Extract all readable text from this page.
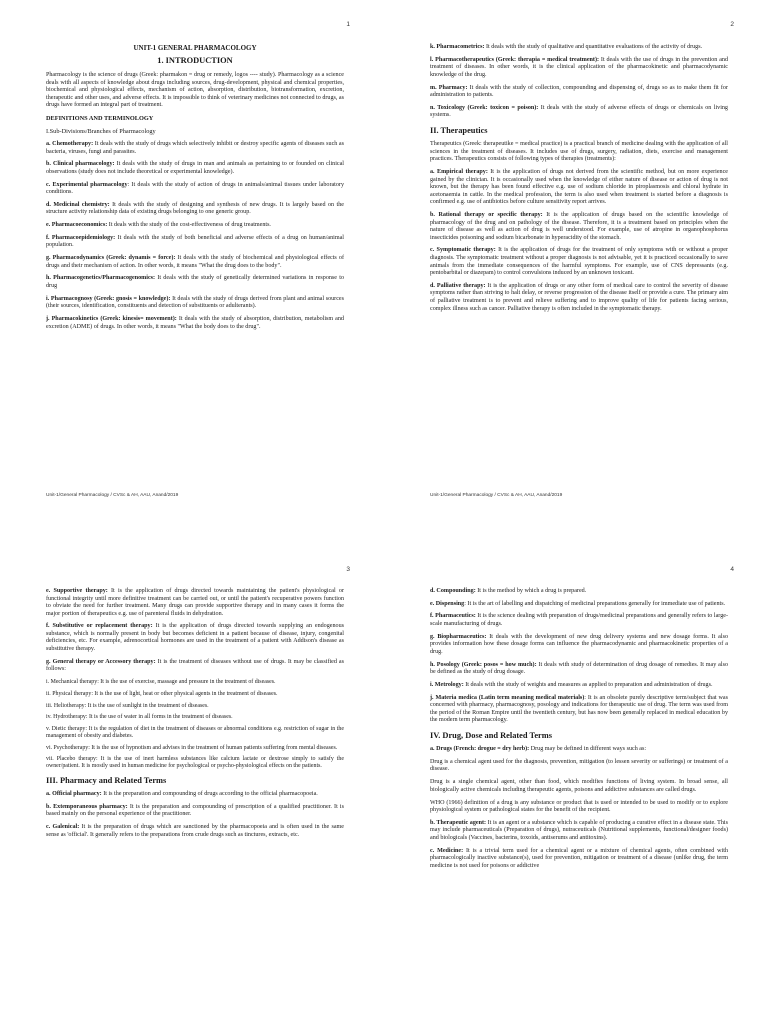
1
UNIT-1 GENERAL PHARMACOLOGY
1. INTRODUCTION

Pharmacology is the science of drugs (Greek: pharmakon = drug or remedy, logos ---- study). Pharmacology as a science deals with all aspects of knowledge about drugs including sources, drug-development, physical and chemical properties, biochemical and physiological effects, mechanism of action, absorption, distribution, biotransformation, excretion, therapeutic and other uses, and adverse effects. It is impossible to think of veterinary medicines not connected to drugs, as drugs have formed an integral part of treatment.

DEFINITIONS AND TERMINOLOGY

I.Sub-Divisions/Branches of Pharmacology

a. Chemotherapy: It deals with the study of drugs which selectively inhibit or destroy specific agents of diseases such as bacteria, viruses, fungi and parasites.

b. Clinical pharmacology: It deals with the study of drugs in man and animals as pertaining to or founded on clinical observations (study does not include theoretical or experimental knowledge).

c. Experimental pharmacology: It deals with the study of action of drugs in animals/animal tissues under laboratory conditions.

d. Medicinal chemistry: It deals with the study of designing and synthesis of new drugs. It is largely based on the structure activity relationship data of existing drugs belonging to one generic group.

e. Pharmacoeconomics: It deals with the study of the cost-effectiveness of drug treatments.

f. Pharmacoepidemiology: It deals with the study of both beneficial and adverse effects of a drug on human/animal population.

g. Pharmacodynamics (Greek: dynamis = force): It deals with the study of biochemical and physiological effects of drugs and their mechanism of action. In other words, it means "What the drug does to the body".

h. Pharmacogenetics/Pharmacogenomics: It deals with the study of genetically determined variations in response to drug

i. Pharmacognosy (Greek: gnosis = knowledge): It deals with the study of drugs derived from plant and animal sources (their sources, identification, constituents and detection of substituents or adulterants).

j. Pharmacokinetics (Greek: kinesis= movement): It deals with the study of absorption, distribution, metabolism and excretion (ADME) of drugs. In other words, it means "What the body does to the drug".

Unit-1/General Pharmacology / CVSc & AH, AAU, Anand/2019
2

k. Pharmacometrics: It deals with the study of qualitative and quantitative evaluations of the activity of drugs.

l. Pharmacotherapeutics (Greek: therapia = medical treatment): It deals with the use of drugs in the prevention and treatment of diseases. In other words, it is the clinical application of the pharmacokinetic and pharmacodynamic knowledge of the drug.

m. Pharmacy: It deals with the study of collection, compounding and dispensing of, drugs so as to make them fit for administration to patients.

n. Toxicology (Greek: toxicon = poison): It deals with the study of adverse effects of drugs or chemicals on living systems.

II. Therapeutics

Therapeutics (Greek: therapeutike = medical practice) is a practical branch of medicine dealing with the application of all sciences in the treatment of diseases. It includes use of drugs, surgery, radiation, diets, exercise and management practices. Therapeutics consists of following types of therapies (treatments):

a. Empirical therapy: It is the application of drugs not derived from the scientific method, but on more experience gained by the clinician. It is occasionally used when the knowledge of either nature of disease or action of drug is not known, but the therapy has been found effective e.g. use of sodium chloride in piroplasmosis and chloral hydrate in acetonaemia in cattle. In the medical profession, the term is also used when treatment is started before a diagnosis is confirmed e.g. use of antibiotics before culture sensitivity report arrives.

b. Rational therapy or specific therapy: It is the application of drugs based on the scientific knowledge of pharmacology of the drug and on pathology of the disease. Therefore, it is a treatment based on principles when the nature of disease as well as action of drug is well understood. For example, use of atropine in organophosphorus insecticides poisoning and sodium bicarbonate in hyperacidity of the stomach.

c. Symptomatic therapy: It is the application of drugs for the treatment of only symptoms with or without a proper diagnosis. The symptomatic treatment without a proper diagnosis is not advisable, yet it is practiced occasionally to save animals from the immediate consequences of the harmful symptoms. For example, use of CNS depressants (e.g. pentobarbital or diazepam) to control convulsions induced by an unknown toxicant.

d. Palliative therapy: It is the application of drugs or any other form of medical care to control the severity of disease symptoms rather than striving to halt delay, or reverse progression of the disease itself or provide a cure. The primary aim of palliative treatment is to prevent and relieve suffering and to improve quality of life for patients facing serious, complex illness such as cancer. Palliative therapy is often included in the symptomatic therapy.

Unit-1/General Pharmacology / CVSc & AH, AAU, Anand/2019
3

e. Supportive therapy: It is the application of drugs directed towards maintaining the patient's physiological or functional integrity until more definitive treatment can be carried out, or until the patient's recuperative powers function to obviate the need for further treatment. Many drugs can provide supportive therapy and in many cases it forms the major portion of therapeutics e.g. use of parenteral fluids in dehydration.

f. Substitutive or replacement therapy: It is the application of drugs directed towards supplying an endogenous substance, which is normally present in body but becomes deficient in a patient because of disease, injury, congenital deficiencies, etc. For example, adrenocortical hormones are used in the treatment of a patient with Addison's disease as substitutive therapy.

g. General therapy or Accessory therapy: It is the treatment of diseases without use of drugs. It may be classified as follows:

i. Mechanical therapy: It is the use of exercise, massage and pressure in the treatment of diseases.

ii. Physical therapy: It is the use of light, heat or other physical agents in the treatment of diseases.

iii. Heliotherapy: It is the use of sunlight in the treatment of diseases.

iv. Hydrotherapy: It is the use of water in all forms in the treatment of diseases.

v. Dietic therapy: It is the regulation of diet in the treatment of diseases or abnormal conditions e.g. restriction of sugar in the management of obesity and diabetes.

vi. Psychotherapy: It is the use of hypnotism and advises in the treatment of human patients suffering from mental diseases.

vii. Placebo therapy: It is the use of inert harmless substances like calcium lactate or dextrose simply to satisfy the owner/patient. It is mostly used in human medicine for psychological or psycho-physiological effects on the patients.

III. Pharmacy and Related Terms

a. Official pharmacy: It is the preparation and compounding of drugs according to the official pharmacopoeia.

b. Extemporaneous pharmacy: It is the preparation and compounding of prescription of a qualified practitioner. It is based mainly on the personal experience of the practitioner.

c. Galenical: It is the preparation of drugs which are sanctioned by the pharmacopoeia and is often used in the same sense as 'official'. It generally refers to the preparations from crude drugs such as tinctures, extracts, etc.

4

d. Compounding: It is the method by which a drug is prepared.

e. Dispensing: It is the art of labelling and dispatching of medicinal preparations generally for immediate use of patients.

f. Pharmaceutics: It is the science dealing with preparation of drugs/medicinal preparations and generally refers to large-scale manufacturing of drugs.

g. Biopharmaceutics: It deals with the development of new drug delivery systems and new dosage forms. It also provides information how these dosage forms can influence the pharmacodynamic and pharmacokinetic properties of a drug.

h. Posology (Greek: posos = how much): It deals with study of determination of drug dosage of remedies. It may also be defined as the study of drug dosage.

i. Metrology: It deals with the study of weights and measures as applied to preparation and administration of drugs.

j. Materia medica (Latin term meaning medical materials): It is an obsolete purely descriptive term/subject that was concerned with pharmacy, pharmacognosy, posology and indications for therapeutic use of drug. The term was used from the period of the Roman Empire until the twentieth century, but has now been generally replaced in medical education by the modern term pharmacology.

IV. Drug, Dose and Related Terms

a. Drugs (French: drogue = dry herb): Drug may be defined in different ways such as:

Drug is a chemical agent used for the diagnosis, prevention, mitigation (to lessen severity or sufferings) or treatment of a disease.

Drug is a single chemical agent, other than food, which modifies functions of living system. In broad sense, all biologically active chemicals including therapeutic agents, poisons and addictive substances are called drugs.

WHO (1966) definition of a drug is any substance or product that is used or intended to be used to modify or to explore physiological system or pathological states for the benefit of the recipient.

b. Therapeutic agent: It is an agent or a substance which is capable of producing a curative effect in a disease state. This may include pharmaceuticals (Preparation of drugs), nutraceuticals (Nutritional supplements, functional/designer foods) and biologicals (Vaccines, bacterins, toxoids, antiserums and antitoxins).

c. Medicine: It is a trivial term used for a chemical agent or a mixture of chemical agents, often combined with pharmacologically inactive substance(s), used for prevention, mitigation or treatment of a disease (unlike drug, the term medicine is not used for poisons or addictive
